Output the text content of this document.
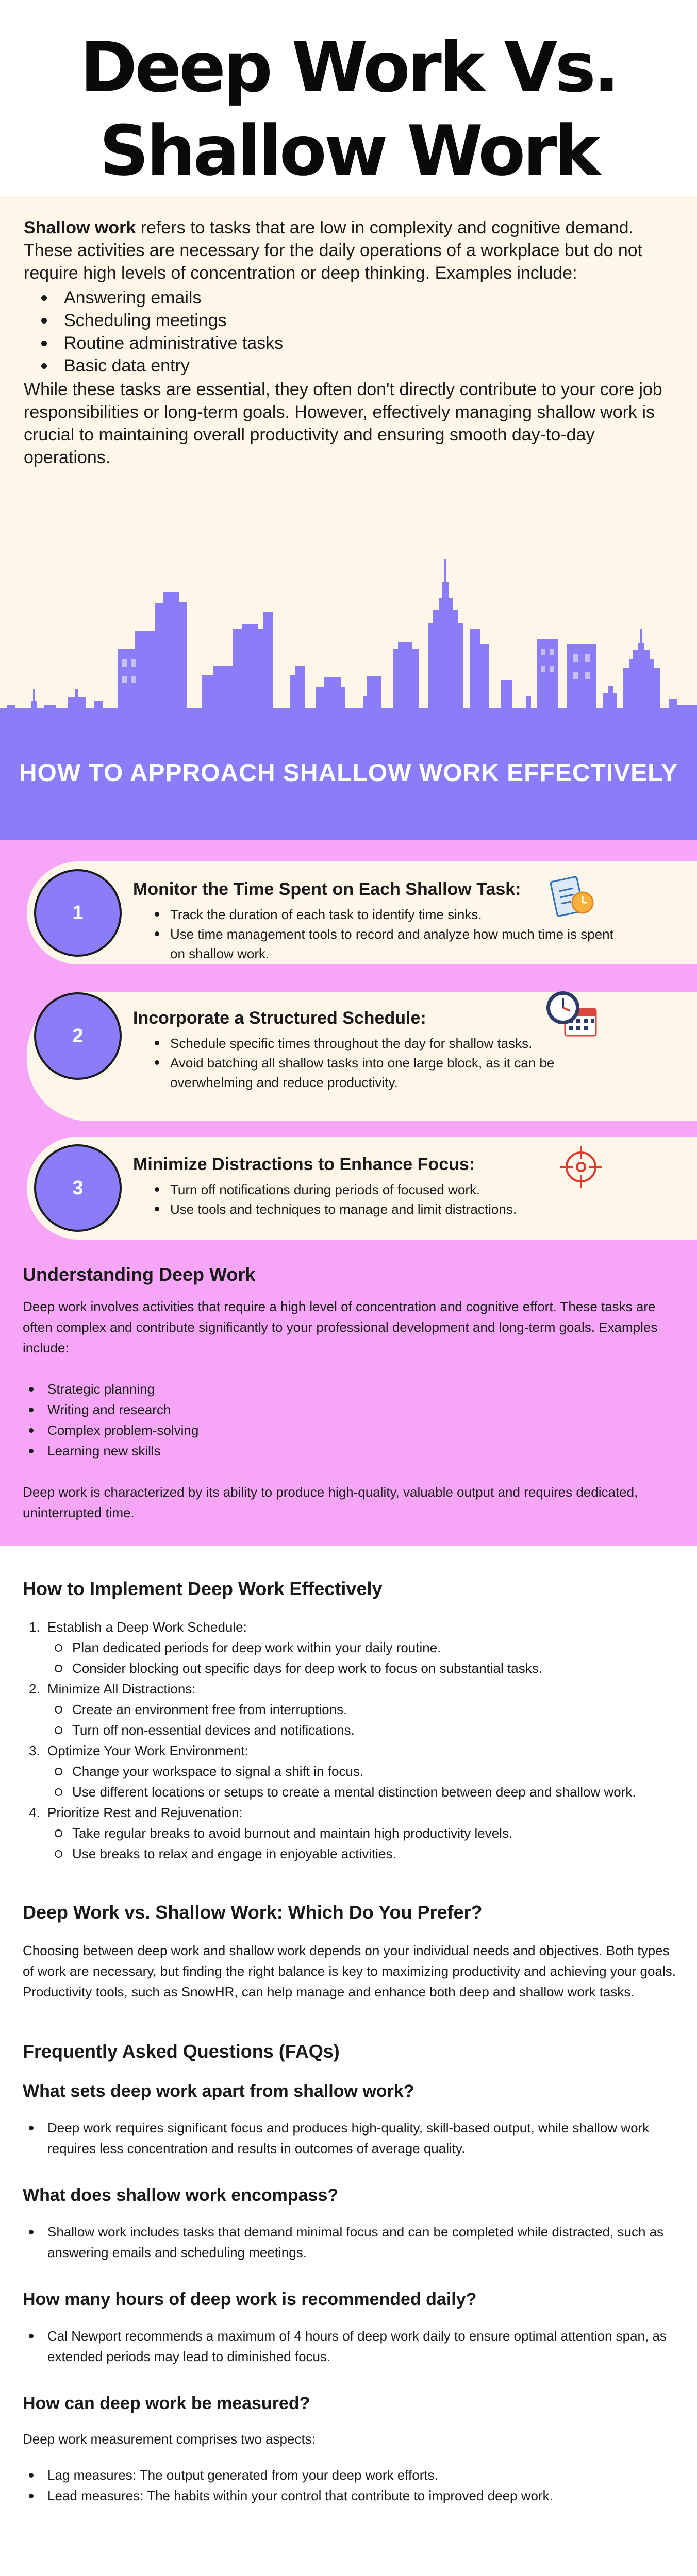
Deep Work Vs.
Shallow Work

Shallow work refers to tasks that are low in complexity and cognitive demand. These activities are necessary for the daily operations of a workplace but do not require high levels of concentration or deep thinking. Examples include:

Answering emails
Scheduling meetings
Routine administrative tasks
Basic data entry

While these tasks are essential, they often don't directly contribute to your core job responsibilities or long-term goals. However, effectively managing shallow work is crucial to maintaining overall productivity and ensuring smooth day-to-day operations.

HOW TO APPROACH SHALLOW WORK EFFECTIVELY
1
Monitor the Time Spent on Each Shallow Task:
Track the duration of each task to identify time sinks.
Use time management tools to record and analyze how much time is spent on shallow work.
2
Incorporate a Structured Schedule:
Schedule specific times throughout the day for shallow tasks.
Avoid batching all shallow tasks into one large block, as it can be overwhelming and reduce productivity.
3
Minimize Distractions to Enhance Focus:
Turn off notifications during periods of focused work.
Use tools and techniques to manage and limit distractions.
Understanding Deep Work

Deep work involves activities that require a high level of concentration and cognitive effort. These tasks are often complex and contribute significantly to your professional development and long-term goals. Examples include:

Strategic planning
Writing and research
Complex problem-solving
Learning new skills

Deep work is characterized by its ability to produce high-quality, valuable output and requires dedicated, uninterrupted time.

How to Implement Deep Work Effectively
1. Establish a Deep Work Schedule:
Plan dedicated periods for deep work within your daily routine.
Consider blocking out specific days for deep work to focus on substantial tasks.
2. Minimize All Distractions:
Create an environment free from interruptions.
Turn off non-essential devices and notifications.
3. Optimize Your Work Environment:
Change your workspace to signal a shift in focus.
Use different locations or setups to create a mental distinction between deep and shallow work.
4. Prioritize Rest and Rejuvenation:
Take regular breaks to avoid burnout and maintain high productivity levels.
Use breaks to relax and engage in enjoyable activities.
Deep Work vs. Shallow Work: Which Do You Prefer?

Choosing between deep work and shallow work depends on your individual needs and objectives. Both types of work are necessary, but finding the right balance is key to maximizing productivity and achieving your goals. Productivity tools, such as SnowHR, can help manage and enhance both deep and shallow work tasks.

Frequently Asked Questions (FAQs)
What sets deep work apart from shallow work?
Deep work requires significant focus and produces high-quality, skill-based output, while shallow work requires less concentration and results in outcomes of average quality.
What does shallow work encompass?
Shallow work includes tasks that demand minimal focus and can be completed while distracted, such as answering emails and scheduling meetings.
How many hours of deep work is recommended daily?
Cal Newport recommends a maximum of 4 hours of deep work daily to ensure optimal attention span, as extended periods may lead to diminished focus.
How can deep work be measured?

Deep work measurement comprises two aspects:

Lag measures: The output generated from your deep work efforts.
Lead measures: The habits within your control that contribute to improved deep work.
